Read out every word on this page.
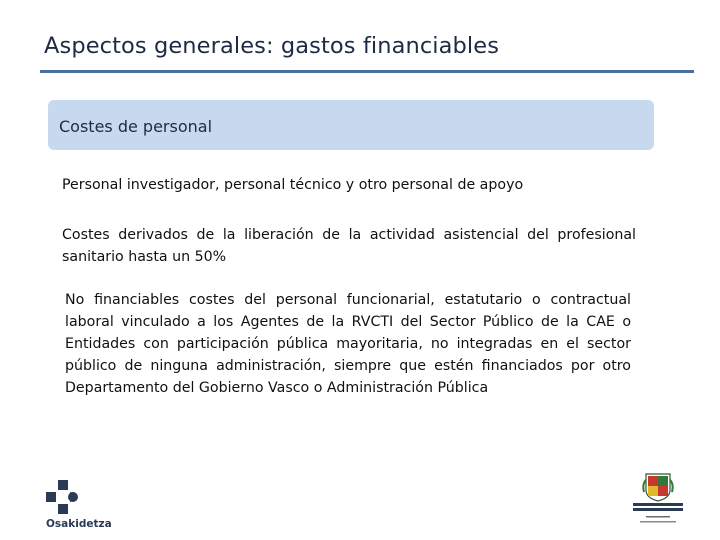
Aspectos generales: gastos financiables
Costes de personal
Personal investigador, personal técnico y otro personal de apoyo
Costes derivados de la liberación de la actividad asistencial del profesional sanitario hasta un 50%
No financiables costes del personal funcionarial, estatutario o contractual laboral vinculado a los Agentes de la RVCTI del Sector Público de la CAE o Entidades con participación pública mayoritaria, no integradas en el sector público de ninguna administración, siempre que estén financiados por otro Departamento del Gobierno Vasco o Administración Pública
Osakidetza
